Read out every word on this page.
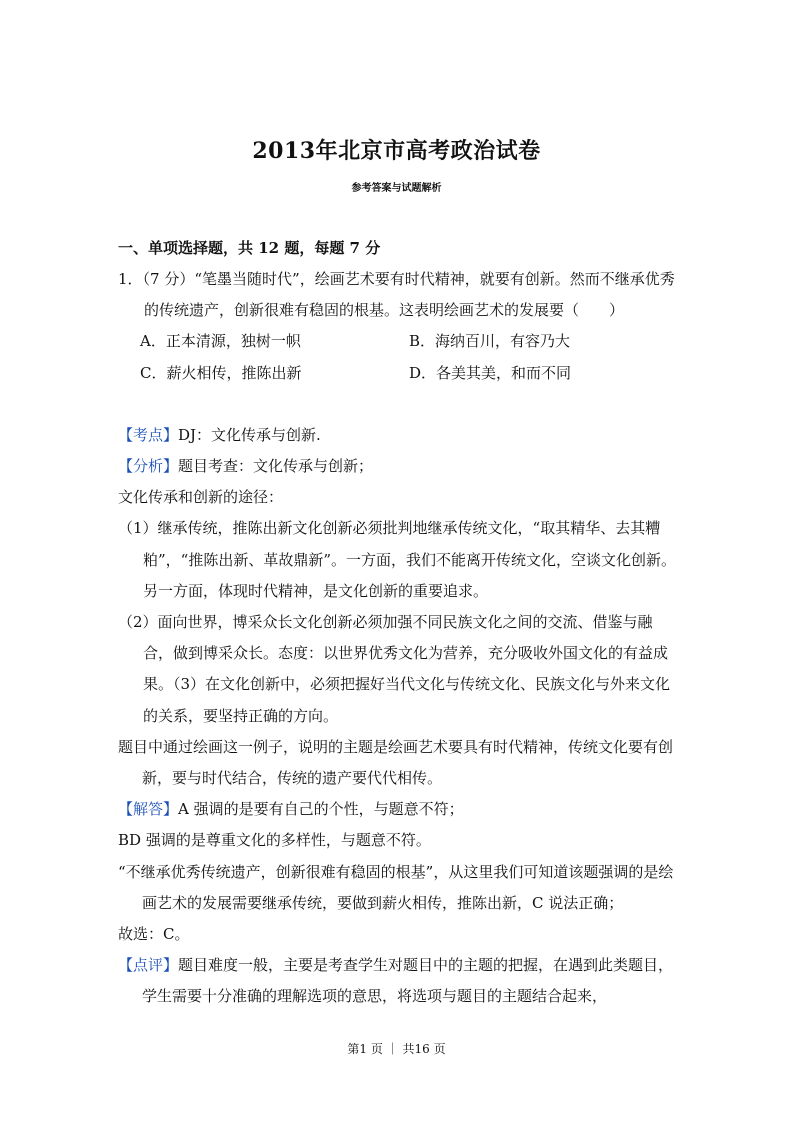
2013年北京市高考政治试卷
参考答案与试题解析
一、单项选择题，共 12 题，每题 7 分

1．（7 分）“笔墨当随时代”，绘画艺术要有时代精神，就要有创新。然而不继承优秀的传统遗产，创新很难有稳固的根基。这表明绘画艺术的发展要（　　）

A．正本清源，独树一帜	B．海纳百川，有容乃大
C．薪火相传，推陈出新	D．各美其美，和而不同

【考点】DJ：文化传承与创新.

【分析】题目考查：文化传承与创新；

文化传承和创新的途径：

（1）继承传统，推陈出新文化创新必须批判地继承传统文化，“取其精华、去其糟粕”，“推陈出新、革故鼎新”。一方面，我们不能离开传统文化，空谈文化创新。另一方面，体现时代精神，是文化创新的重要追求。

（2）面向世界，博采众长文化创新必须加强不同民族文化之间的交流、借鉴与融合，做到博采众长。态度：以世界优秀文化为营养，充分吸收外国文化的有益成果。（3）在文化创新中，必须把握好当代文化与传统文化、民族文化与外来文化的关系，要坚持正确的方向。

题目中通过绘画这一例子，说明的主题是绘画艺术要具有时代精神，传统文化要有创新，要与时代结合，传统的遗产要代代相传。

【解答】A 强调的是要有自己的个性，与题意不符；

BD 强调的是尊重文化的多样性，与题意不符。

“不继承优秀传统遗产，创新很难有稳固的根基”，从这里我们可知道该题强调的是绘画艺术的发展需要继承传统，要做到薪火相传，推陈出新，C 说法正确；

故选：C。

【点评】题目难度一般，主要是考查学生对题目中的主题的把握，在遇到此类题目，学生需要十分准确的理解选项的意思，将选项与题目的主题结合起来，

第1 页 ｜ 共16 页
